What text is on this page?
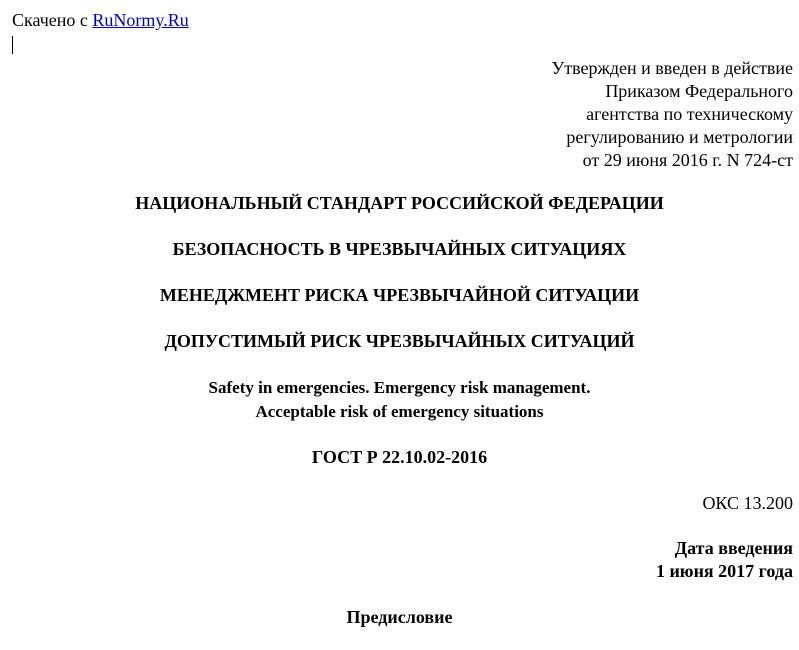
Скачено с RuNormy.Ru
Утвержден и введен в действие
Приказом Федерального
агентства по техническому
регулированию и метрологии
от 29 июня 2016 г. N 724-ст
НАЦИОНАЛЬНЫЙ СТАНДАРТ РОССИЙСКОЙ ФЕДЕРАЦИИ
БЕЗОПАСНОСТЬ В ЧРЕЗВЫЧАЙНЫХ СИТУАЦИЯХ
МЕНЕДЖМЕНТ РИСКА ЧРЕЗВЫЧАЙНОЙ СИТУАЦИИ
ДОПУСТИМЫЙ РИСК ЧРЕЗВЫЧАЙНЫХ СИТУАЦИЙ
Safety in emergencies. Emergency risk management.
Acceptable risk of emergency situations
ГОСТ Р 22.10.02-2016
ОКС 13.200
Дата введения
1 июня 2017 года
Предисловие
